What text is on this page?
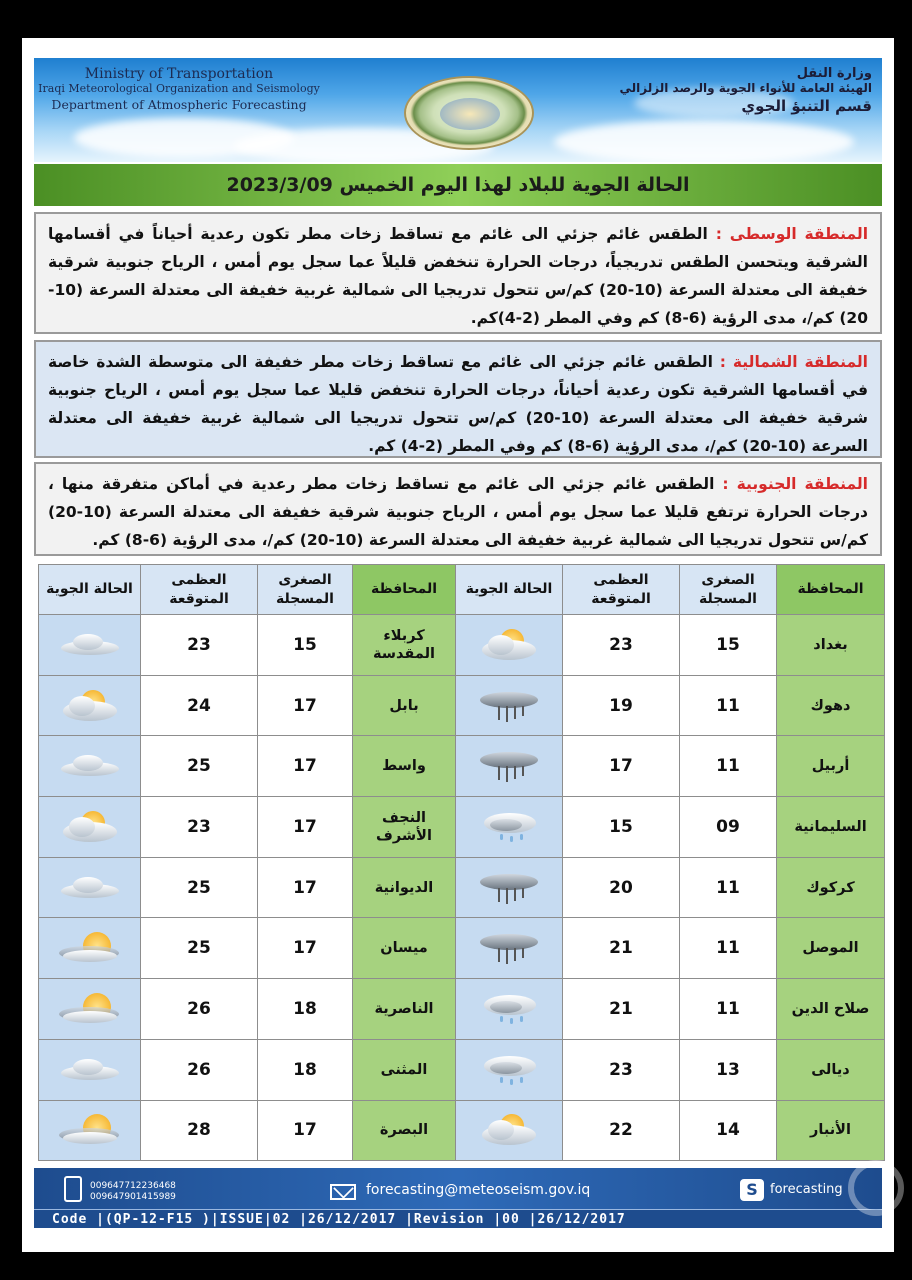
Ministry of Transportation
Iraqi Meteorological Organization and Seismology
Department of Atmospheric Forecasting
وزارة النقل
الهيئة العامة للأنواء الجوية والرصد الزلزالي
قسم التنبؤ الجوي
الحالة الجوية للبلاد لهذا اليوم الخميس 2023/3/09
المنطقة الوسطى : الطقس غائم جزئي الى غائم مع تساقط زخات مطر تكون رعدية أحياناً في أقسامها الشرقية ويتحسن الطقس تدريجياً، درجات الحرارة تنخفض قليلاً عما سجل يوم أمس ، الرياح جنوبية شرقية خفيفة الى معتدلة السرعة (10-20) كم/س تتحول تدريجيا الى شمالية غربية خفيفة الى معتدلة السرعة (10-20) كم/، مدى الرؤية (6-8) كم وفي المطر (2-4)كم.
المنطقة الشمالية : الطقس غائم جزئي الى غائم مع تساقط زخات مطر خفيفة الى متوسطة الشدة خاصة في أقسامها الشرقية تكون رعدية أحياناً، درجات الحرارة تنخفض قليلا عما سجل يوم أمس ، الرياح جنوبية شرقية خفيفة الى معتدلة السرعة (10-20) كم/س تتحول تدريجيا الى شمالية غربية خفيفة الى معتدلة السرعة (10-20) كم/، مدى الرؤية (6-8) كم وفي المطر (2-4) كم.
المنطقة الجنوبية : الطقس غائم جزئي الى غائم مع تساقط زخات مطر رعدية في أماكن متفرقة منها ، درجات الحرارة ترتفع قليلا عما سجل يوم أمس ، الرياح جنوبية شرقية خفيفة الى معتدلة السرعة (10-20) كم/س تتحول تدريجيا الى شمالية غربية خفيفة الى معتدلة السرعة (10-20) كم/، مدى الرؤية (6-8) كم.
المحافظة	الصغرى المسجلة	العظمى المتوقعة	الحالة الجوية	المحافظة	الصغرى المسجلة	العظمى المتوقعة	الحالة الجوية
بغداد	15	23		كربلاء المقدسة	15	23	

دهوك	11	19		بابل	17	24	

أربيل	11	17		واسط	17	25	

السليمانية	09	15		النجف الأشرف	17	23	

كركوك	11	20		الديوانية	17	25	

الموصل	11	21		ميسان	17	25	

صلاح الدين	11	21		الناصرية	18	26	

ديالى	13	23		المثنى	18	26	

الأنبار	14	22		البصرة	17	28	
009647712236468
009647901415989	forecasting@meteoseism.gov.iq	S forecasting
Code |(QP-12-F15 )|ISSUE|02 |26/12/2017 |Revision |00 |26/12/2017
